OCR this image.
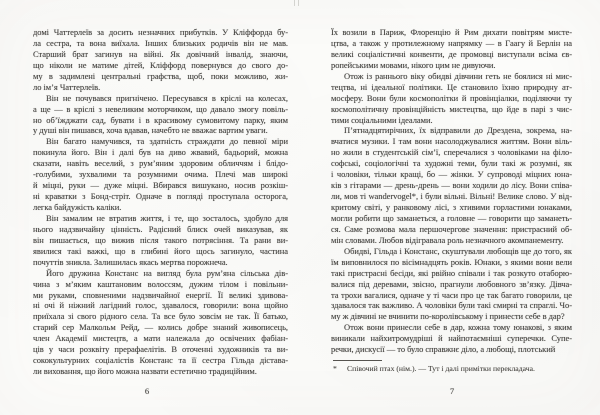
домі Чаттерлеїв за досить незначних прибутків. У Кліффорда бу-
ла сестра, та вона виїхала. Інших близьких родичів він не мав.
Старший брат загинув на війні. Як довічний інвалід, знаючи,
що ніколи не матиме дітей, Кліффорд повернувся до свого до-
му в задимлені центральні графства, щоб, поки можливо, жи-
ло ім’я Чаттерлеїв.
Він не почувався пригнічено. Пересувався в кріслі на колесах,
а ще — в кріслі з невеликим моторчиком, що давало змогу повіль-
но об’їжджати сад, бувати і в красивому сумовитому парку, яким
у душі він пишався, хоча вдавав, начебто не вважає вартим уваги.
Він багато намучився, та здатність страждати до певної міри
покинула його. Він і далі був на диво жвавий, бадьорий, можна
сказати, навіть веселий, з рум’яним здоровим обличчям і блідо-
-голубими, зухвалими та розумними очима. Плечі мав широкі
й міцні, руки — дуже міцні. Вбирався вишукано, носив розкіш-
ні краватки з Бонд-стріт. Одначе в погляді проступала осторога,
легка байдужість каліки.
Він замалим не втратив життя, і те, що зосталось, здобуло для
нього надзвичайну цінність. Радісний блиск очей виказував, як
він пишається, що вижив після такого потрясіння. Та рани ви-
явилися такі важкі, що в глибині його щось загинуло, частина
почуттів зникла. Залишилась якась мертва порожнеча.
Його дружина Констанс на вигляд була рум’яна сільська дів-
чина з м’яким каштановим волоссям, дужим тілом і повільни-
ми руками, сповненими надзвичайної енергії. Її великі здивова-
ні очі й ніжний лагідний голос, здавалося, говорили: вона щойно
приїхала зі свого рідного села. Та все було зовсім не так. Її батько,
старий сер Малкольм Рейд, — колись добре знаний живописець,
член Академії мистецтв, а мати належала до освічених фабіан-
ців у часи розквіту прерафаелітів. В оточенні художників та ви-
сококультурних соціалістів Констанс та її сестра Гільда дістава-
ли виховання, що його можна назвати естетично традиційним.
Їх возили в Париж, Флоренцію й Рим дихати повітрям мисте-
цтва, а також у протилежному напрямку — в Гаагу й Берлін на
великі соціалістичні конвенти, де промовці виступали всіма єв-
ропейськими мовами, нікого цим не дивуючи.
Отож із раннього віку обидві дівчини геть не боялися ні мис-
тецтва, ні ідеальної політики. Це становило їхню природну ат-
мосферу. Вони були космополітки й провінціалки, поділяючи ту
космополітичну провінційність мистецтва, що йде в парі з чис-
тими соціальними ідеалами.
П’ятнадцятирічних, їх відправили до Дрездена, зокрема, на-
вчатися музики. І там вони насолоджувалися життям. Вони віль-
но жили в студентській сім’ї, сперечалися з чоловіками на філо-
софські, соціологічні та художні теми, були такі ж розумні, як
і чоловіки, тільки кращі, бо — жінки. У супроводі міцних юна-
ків з гітарами — дрень-дрень — вони ходили до лісу. Вони співа-
ли, мов ті wandervogel*, і були вільні. Вільні! Велике слово. У від-
критому світі, у ранковому лісі, з хтивими горластими юнаками,
могли робити що заманеться, а головне — говорити що заманеть-
ся. Саме розмова мала першочергове значення: пристрасний об-
мін словами. Любов відігравала роль незначного акомпанементу.
Обидві, Гільда і Констанс, скуштували любощів ще до того, як
їм виповнилося по вісімнадцять років. Юнаки, з якими вони вели
такі пристрасні бесіди, які рвійно співали і так розкуто отаборю-
валися під деревами, звісно, прагнули любовного зв’язку. Дівча-
та трохи вагалися, одначе у ті часи про це так багато говорили, це
здавалося так важливо. А чоловіки були такі смирні та спраглі. Чо-
му ж дівчині не вчинити по-королівському і принести себе в дар?
Отож вони принесли себе в дар, кожна тому юнакові, з яким
виникали найхитромудріші й найпотаємніші суперечки. Супе-
речки, дискусії — то було справжнє діло, а любощі, плотський
* Співочий птах (нім.). — Тут і далі примітки перекладача.
6	7
